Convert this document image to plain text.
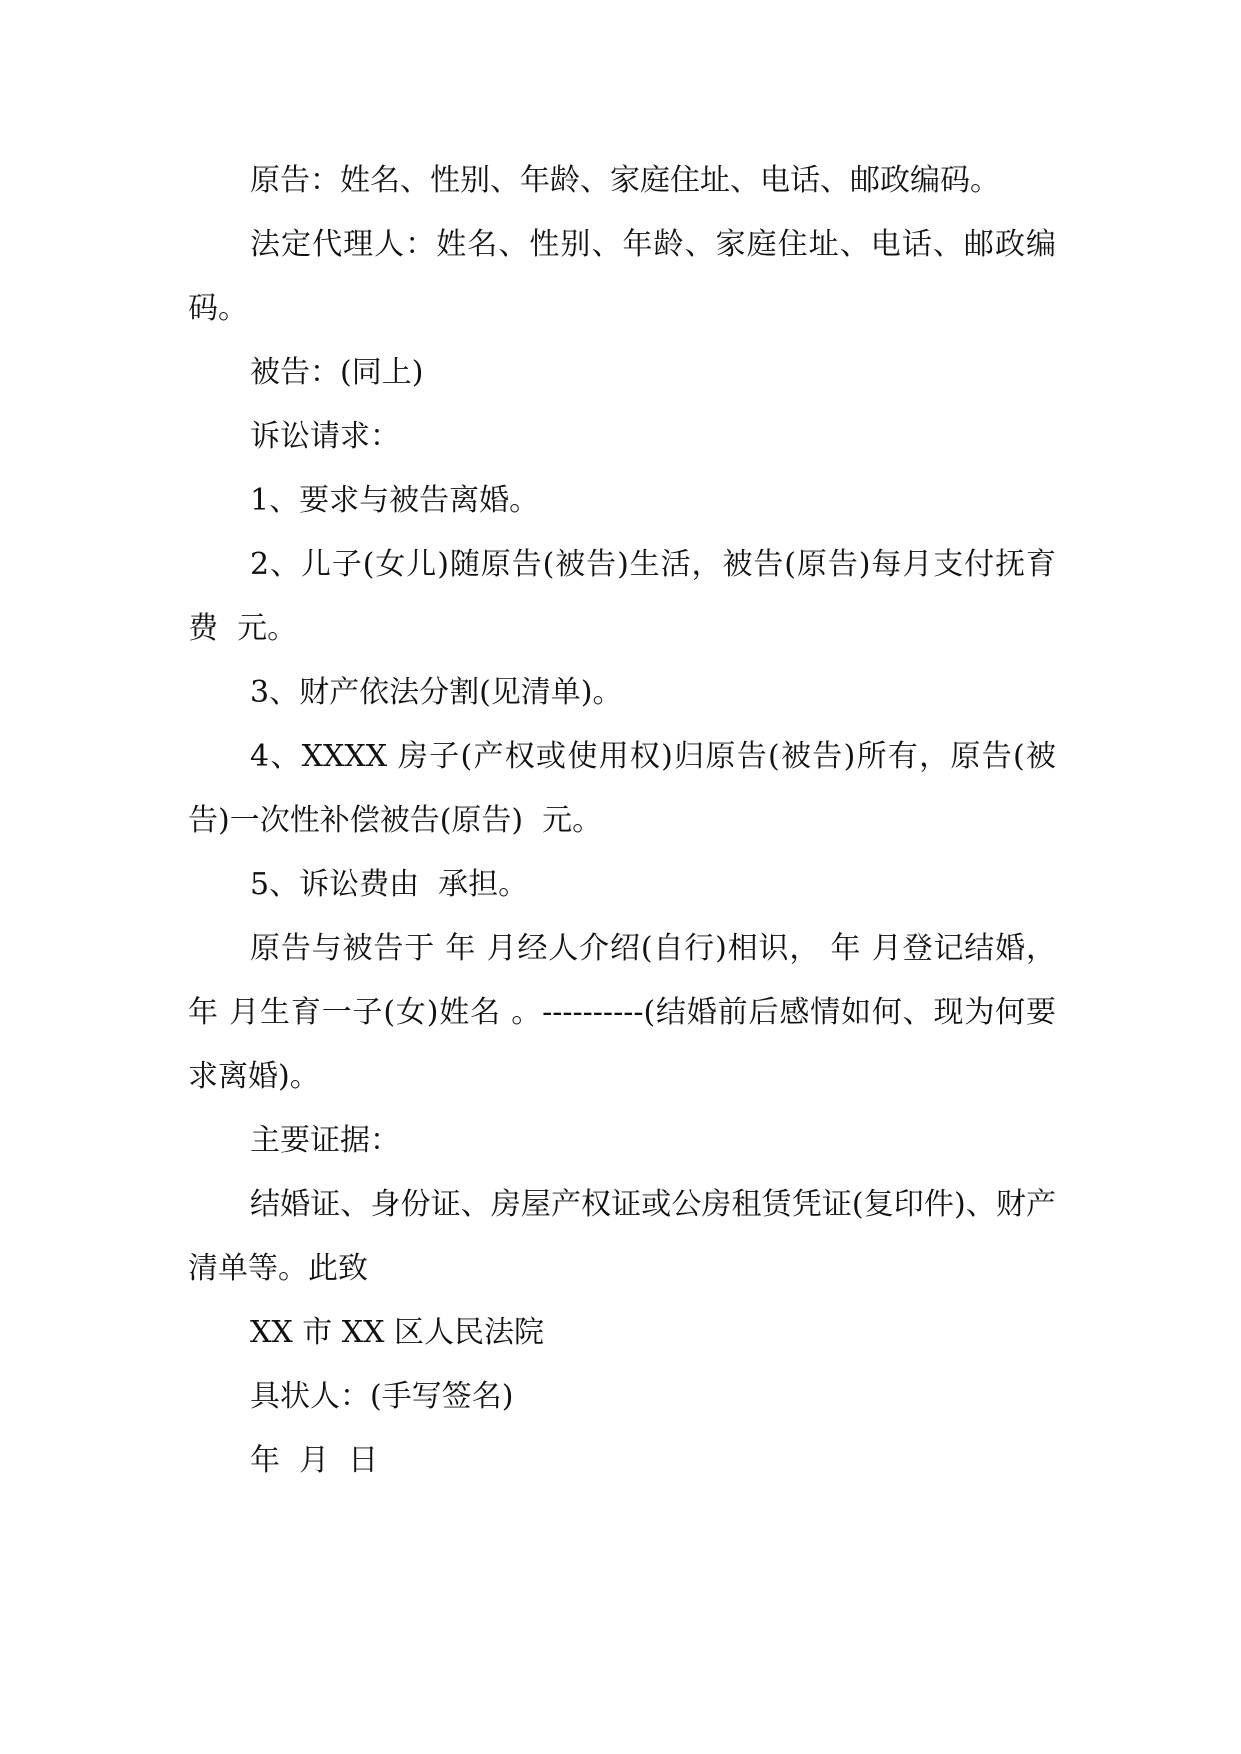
原告：姓名、性别、年龄、家庭住址、电话、邮政编码。

法定代理人：姓名、性别、年龄、家庭住址、电话、邮政编码。

被告：(同上)

诉讼请求：

1、要求与被告离婚。

2、儿子(女儿)随原告(被告)生活，被告(原告)每月支付抚育费  元。

3、财产依法分割(见清单)。

4、XXXX 房子(产权或使用权)归原告(被告)所有，原告(被告)一次性补偿被告(原告)  元。

5、诉讼费由  承担。

原告与被告于 年 月经人介绍(自行)相识， 年 月登记结婚，年 月生育一子(女)姓名 。----------(结婚前后感情如何、现为何要求离婚)。

主要证据：

结婚证、身份证、房屋产权证或公房租赁凭证(复印件)、财产清单等。此致

XX 市 XX 区人民法院

具状人：(手写签名)

年  月  日
